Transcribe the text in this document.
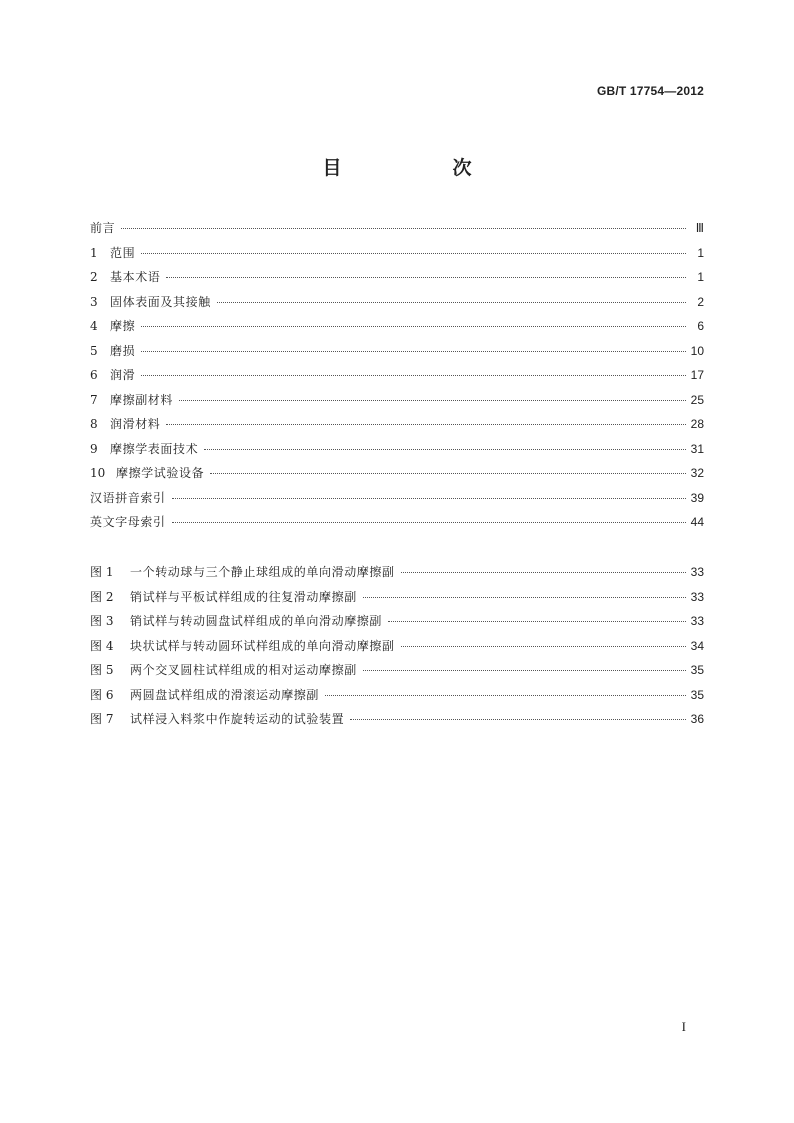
GB/T 17754—2012
目　次
前言	Ⅲ
1	范围	1
2	基本术语	1
3	固体表面及其接触	2
4	摩擦	6
5	磨损	10
6	润滑	17
7	摩擦副材料	25
8	润滑材料	28
9	摩擦学表面技术	31
10 摩擦学试验设备	32
汉语拼音索引	39
英文字母索引	44
图 1	一个转动球与三个静止球组成的单向滑动摩擦副	33
图 2	销试样与平板试样组成的往复滑动摩擦副	33
图 3	销试样与转动圆盘试样组成的单向滑动摩擦副	33
图 4	块状试样与转动圆环试样组成的单向滑动摩擦副	34
图 5	两个交叉圆柱试样组成的相对运动摩擦副	35
图 6	两圆盘试样组成的滑滚运动摩擦副	35
图 7	试样浸入料浆中作旋转运动的试验装置	36
I
